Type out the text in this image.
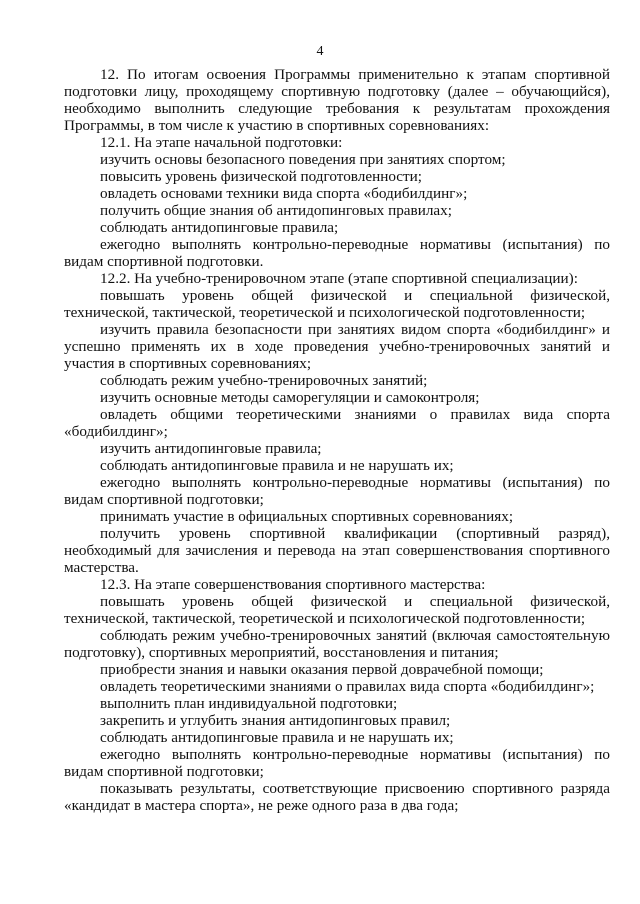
4

12. По итогам освоения Программы применительно к этапам спортивной подготовки лицу, проходящему спортивную подготовку (далее – обучающийся), необходимо выполнить следующие требования к результатам прохождения Программы, в том числе к участию в спортивных соревнованиях:

12.1. На этапе начальной подготовки:

изучить основы безопасного поведения при занятиях спортом;

повысить уровень физической подготовленности;

овладеть основами техники вида спорта «бодибилдинг»;

получить общие знания об антидопинговых правилах;

соблюдать антидопинговые правила;

ежегодно выполнять контрольно-переводные нормативы (испытания) по видам спортивной подготовки.

12.2. На учебно-тренировочном этапе (этапе спортивной специализации):

повышать уровень общей физической и специальной физической, технической, тактической, теоретической и психологической подготовленности;

изучить правила безопасности при занятиях видом спорта «бодибилдинг» и успешно применять их в ходе проведения учебно-тренировочных занятий и участия в спортивных соревнованиях;

соблюдать режим учебно-тренировочных занятий;

изучить основные методы саморегуляции и самоконтроля;

овладеть общими теоретическими знаниями о правилах вида спорта «бодибилдинг»;

изучить антидопинговые правила;

соблюдать антидопинговые правила и не нарушать их;

ежегодно выполнять контрольно-переводные нормативы (испытания) по видам спортивной подготовки;

принимать участие в официальных спортивных соревнованиях;

получить уровень спортивной квалификации (спортивный разряд), необходимый для зачисления и перевода на этап совершенствования спортивного мастерства.

12.3. На этапе совершенствования спортивного мастерства:

повышать уровень общей физической и специальной физической, технической, тактической, теоретической и психологической подготовленности;

соблюдать режим учебно-тренировочных занятий (включая самостоятельную подготовку), спортивных мероприятий, восстановления и питания;

приобрести знания и навыки оказания первой доврачебной помощи;

овладеть теоретическими знаниями о правилах вида спорта «бодибилдинг»;

выполнить план индивидуальной подготовки;

закрепить и углубить знания антидопинговых правил;

соблюдать антидопинговые правила и не нарушать их;

ежегодно выполнять контрольно-переводные нормативы (испытания) по видам спортивной подготовки;

показывать результаты, соответствующие присвоению спортивного разряда «кандидат в мастера спорта», не реже одного раза в два года;
